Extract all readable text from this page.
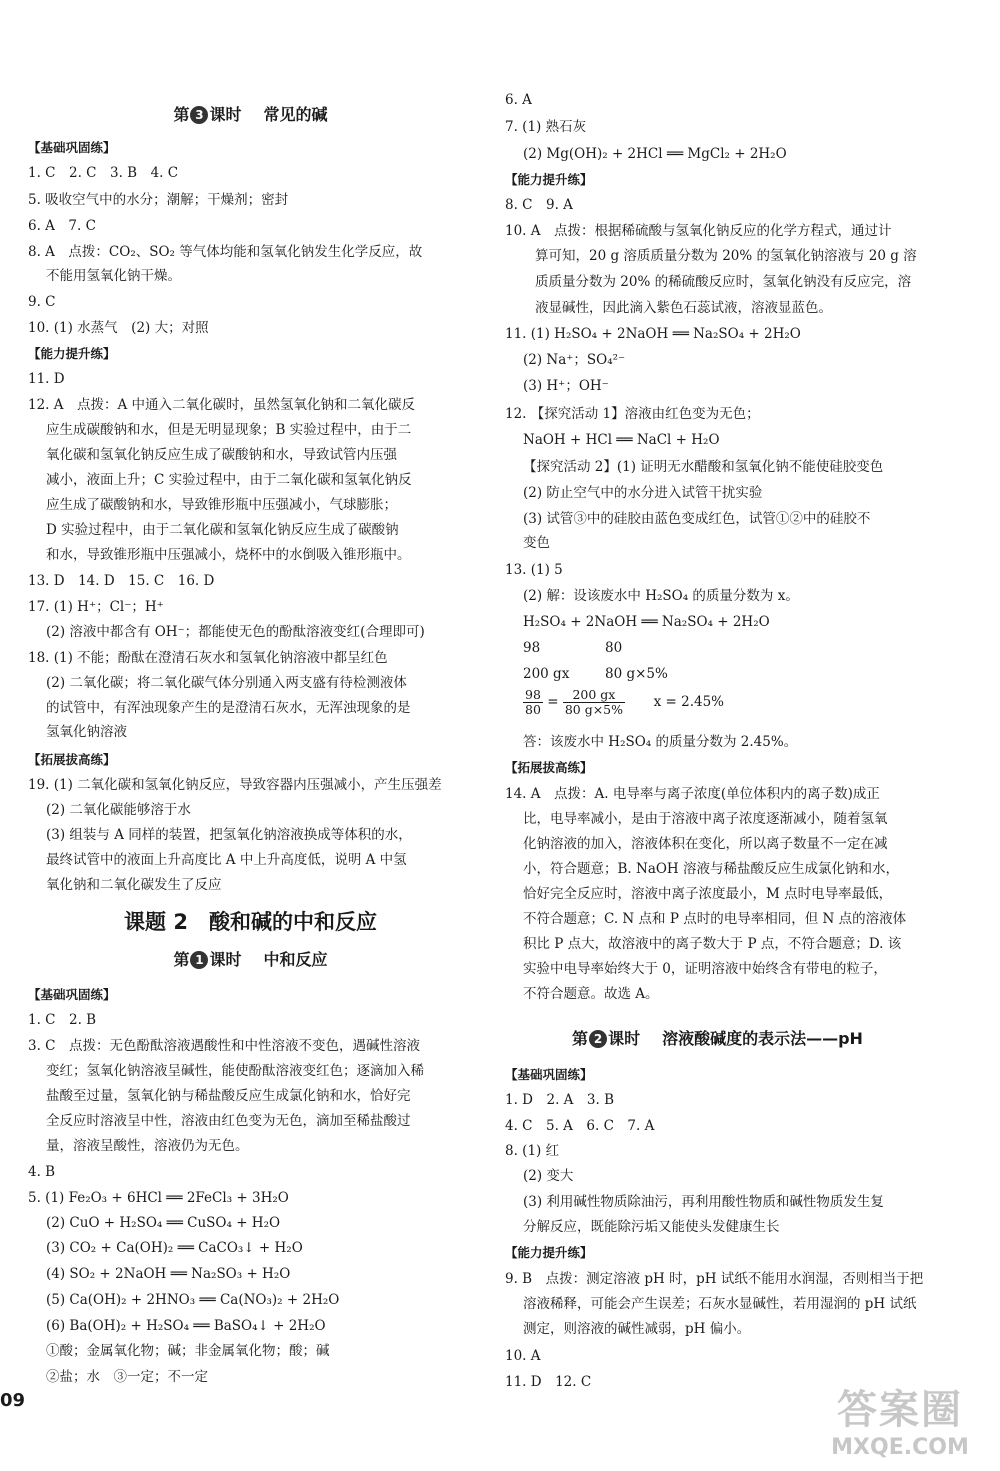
第 3 课时 常见的碱
【基础巩固练】
1. C　2. C　3. B　4. C
5. 吸收空气中的水分；潮解；干燥剂；密封
6. A　7. C
8. A　点拨：CO₂、SO₂ 等气体均能和氢氧化钠发生化学反应，故
不能用氢氧化钠干燥。
9. C
10. (1) 水蒸气　(2) 大；对照
【能力提升练】
11. D
12. A　点拨：A 中通入二氧化碳时，虽然氢氧化钠和二氧化碳反
应生成碳酸钠和水，但是无明显现象；B 实验过程中，由于二
氧化碳和氢氧化钠反应生成了碳酸钠和水，导致试管内压强
减小，液面上升；C 实验过程中，由于二氧化碳和氢氧化钠反
应生成了碳酸钠和水，导致锥形瓶中压强减小，气球膨胀；
D 实验过程中，由于二氧化碳和氢氧化钠反应生成了碳酸钠
和水，导致锥形瓶中压强减小，烧杯中的水倒吸入锥形瓶中。
13. D　14. D　15. C　16. D
17. (1) H⁺；Cl⁻；H⁺
(2) 溶液中都含有 OH⁻；都能使无色的酚酞溶液变红(合理即可)
18. (1) 不能；酚酞在澄清石灰水和氢氧化钠溶液中都呈红色
(2) 二氧化碳；将二氧化碳气体分别通入两支盛有待检测液体
的试管中，有浑浊现象产生的是澄清石灰水，无浑浊现象的是
氢氧化钠溶液
【拓展拔高练】
19. (1) 二氧化碳和氢氧化钠反应，导致容器内压强减小，产生压强差
(2) 二氧化碳能够溶于水
(3) 组装与 A 同样的装置，把氢氧化钠溶液换成等体积的水，
最终试管中的液面上升高度比 A 中上升高度低，说明 A 中氢
氧化钠和二氧化碳发生了反应
课题 2　酸和碱的中和反应
第 1 课时 中和反应
【基础巩固练】
1. C　2. B
3. C　点拨：无色酚酞溶液遇酸性和中性溶液不变色，遇碱性溶液
变红；氢氧化钠溶液呈碱性，能使酚酞溶液变红色；逐滴加入稀
盐酸至过量，氢氧化钠与稀盐酸反应生成氯化钠和水，恰好完
全反应时溶液呈中性，溶液由红色变为无色，滴加至稀盐酸过
量，溶液呈酸性，溶液仍为无色。
4. B
5. (1) Fe₂O₃ + 6HCl ══ 2FeCl₃ + 3H₂O
(2) CuO + H₂SO₄ ══ CuSO₄ + H₂O
(3) CO₂ + Ca(OH)₂ ══ CaCO₃↓ + H₂O
(4) SO₂ + 2NaOH ══ Na₂SO₃ + H₂O
(5) Ca(OH)₂ + 2HNO₃ ══ Ca(NO₃)₂ + 2H₂O
(6) Ba(OH)₂ + H₂SO₄ ══ BaSO₄↓ + 2H₂O
①酸；金属氧化物；碱；非金属氧化物；酸；碱
②盐；水　③一定；不一定
09
6. A
7. (1) 熟石灰
(2) Mg(OH)₂ + 2HCl ══ MgCl₂ + 2H₂O
【能力提升练】
8. C　9. A
10. A　点拨：根据稀硫酸与氢氧化钠反应的化学方程式，通过计
算可知，20 g 溶质质量分数为 20% 的氢氧化钠溶液与 20 g 溶
质质量分数为 20% 的稀硫酸反应时，氢氧化钠没有反应完，溶
液显碱性，因此滴入紫色石蕊试液，溶液显蓝色。
11. (1) H₂SO₄ + 2NaOH ══ Na₂SO₄ + 2H₂O
(2) Na⁺；SO₄²⁻
(3) H⁺；OH⁻
12. 【探究活动 1】溶液由红色变为无色；
NaOH + HCl ══ NaCl + H₂O
【探究活动 2】(1) 证明无水醋酸和氢氧化钠不能使硅胶变色
(2) 防止空气中的水分进入试管干扰实验
(3) 试管③中的硅胶由蓝色变成红色，试管①②中的硅胶不
变色
13. (1) 5
(2) 解：设该废水中 H₂SO₄ 的质量分数为 x。
H₂SO₄ + 2NaOH ══ Na₂SO₄ + 2H₂O
98	80
200 gx	80 g×5%
$\frac{98}{80} = \frac{200 gx}{80 g\times 5\%}$ x = 2.45%
答：该废水中 H₂SO₄ 的质量分数为 2.45%。
【拓展拔高练】
14. A　点拨：A. 电导率与离子浓度(单位体积内的离子数)成正
比，电导率减小，是由于溶液中离子浓度逐渐减小，随着氢氧
化钠溶液的加入，溶液体积在变化，所以离子数量不一定在减
小，符合题意；B. NaOH 溶液与稀盐酸反应生成氯化钠和水，
恰好完全反应时，溶液中离子浓度最小，M 点时电导率最低，
不符合题意；C. N 点和 P 点时的电导率相同，但 N 点的溶液体
积比 P 点大，故溶液中的离子数大于 P 点，不符合题意；D. 该
实验中电导率始终大于 0，证明溶液中始终含有带电的粒子，
不符合题意。故选 A。
第 2 课时 溶液酸碱度的表示法——pH
【基础巩固练】
1. D　2. A　3. B
4. C　5. A　6. C　7. A
8. (1) 红
(2) 变大
(3) 利用碱性物质除油污，再利用酸性物质和碱性物质发生复
分解反应，既能除污垢又能使头发健康生长
【能力提升练】
9. B　点拨：测定溶液 pH 时，pH 试纸不能用水润湿，否则相当于把
溶液稀释，可能会产生误差；石灰水显碱性，若用湿润的 pH 试纸
测定，则溶液的碱性减弱，pH 偏小。
10. A
11. D　12. C
答案圈
MXQE.COM
